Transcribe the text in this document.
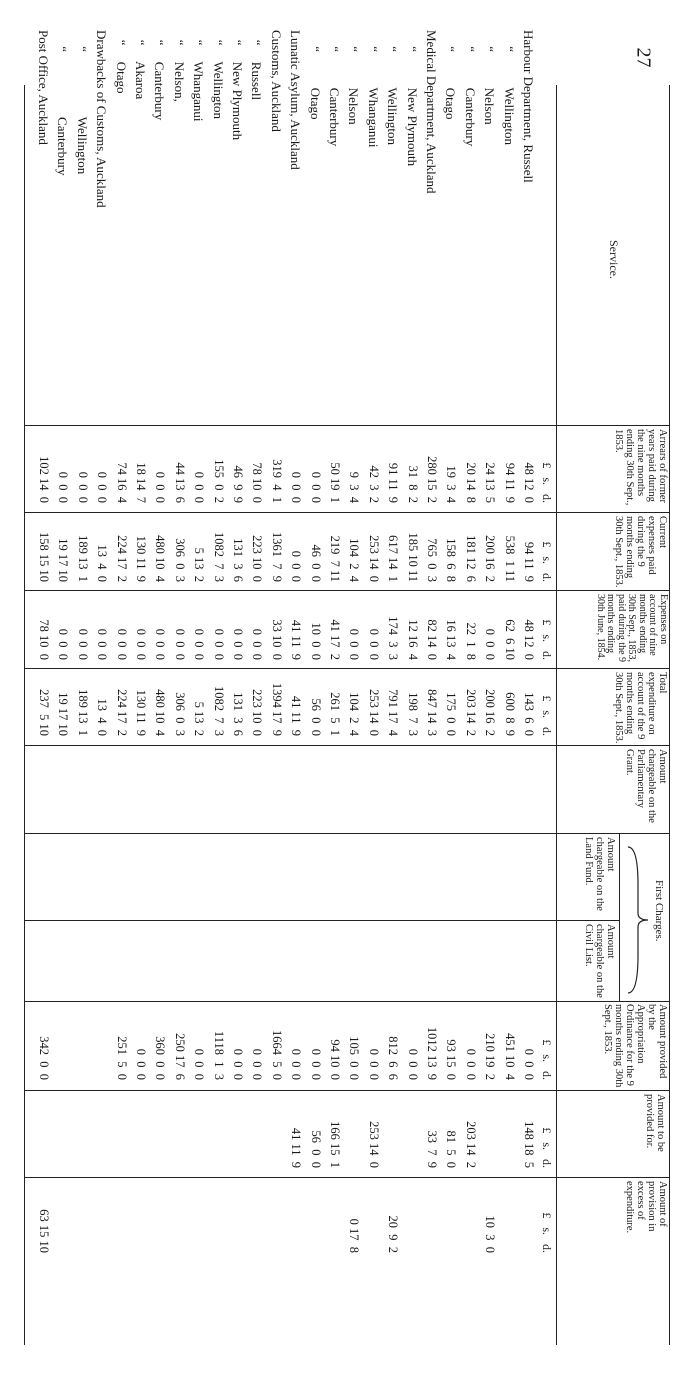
27
Service.
Arrears of former years paid during the nine months ending 30th Sept., 1853.
Current expenses paid during the 9 months ending 30th Sept., 1853.
Expenses on account of nine months ending 30th Sept., 1853, paid during the 9 months ending 30th June, 1854.
Total expenditure on account of the 9 months ending 30th Sept., 1853.
Amount chargeable on the Parliamentary Grant.
First Charges.
Amount chargeable on the Land Fund.
Amount chargeable on the Civil List.
Amount provided by the Appropriation Ordinance for the 9 months ending 30th Sept., 1853.
Amount to be provided for.
Amount of provision in excess of expenditure.
£   s.   d.
£   s.   d.
£   s.   d.
£   s.   d.
£   s.   d.
£   s.   d.
£   s.   d.
Harbour Department, Russell
48 12  0
94 11  9
48 12  0
143  6  0
0  0  0
148 18  5
“           Wellington
94 11  9
538  1 11
62  6 10
600  8  9
451 10  4
“           Nelson
24 13  5
200 16  2
0  0  0
200 16  2
210 19  2
10  3  0
“           Canterbury
20 14  8
181 12  6
22  1  8
203 14  2
0  0  0
203 14  2
“           Otago
19  3  4
158  6  8
16 13  4
175  0  0
93 15  0
81  5  0
Medical Department, Auckland
280 15  2
765  0  3
82 14  0
847 14  3
1012 13  9
33  7  9
“           New Plymouth
31  8  2
185 10 11
12 16  4
198  7  3
0  0  0
“           Wellington
91 11  9
617 14  1
174  3  3
791 17  4
812  6  6
20  9  2
“           Whanganui
42  3  2
253 14  0
0  0  0
253 14  0
0  0  0
253 14  0
“           Nelson
9  3  4
104  2  4
0  0  0
104  2  4
105  0  0
0 17  8
“           Canterbury
50 19  1
219  7 11
41 17  2
261  5  1
94 10  0
166 15  1
“           Otago
0  0  0
46  0  0
10  0  0
56  0  0
0  0  0
56  0  0
Lunatic Asylum, Auckland
0  0  0
0  0  0
41 11  9
41 11  9
0  0  0
41 11  9
Customs, Auckland
319  4  1
1361  7  9
33 10  0
1394 17  9
1664  5  0
“     Russell
78 10  0
223 10  0
0  0  0
223 10  0
0  0  0
“     New Plymouth
46  9  9
131  3  6
0  0  0
131  3  6
0  0  0
“     Wellington
155  0  2
1082  7  3
0  0  0
1082  7  3
1118  1  3
“     Whanganui
0  0  0
5 13  2
0  0  0
5 13  2
0  0  0
“     Nelson,
44 13  6
306  0  3
0  0  0
306  0  3
250 17  6
“     Canterbury
0  0  0
480 10  4
0  0  0
480 10  4
360  0  0
“     Akaroa
18 14  7
130 11  9
0  0  0
130 11  9
0  0  0
“     Otago
74 16  4
224 17  2
0  0  0
224 17  2
251  5  0
Drawbacks of Customs, Auckland
0  0  0
13  4  0
0  0  0
13  4  0
“                    Wellington
0  0  0
189 13  1
0  0  0
189 13  1
“                    Canterbury
0  0  0
19 17 10
0  0  0
19 17 10
Post Office, Auckland
102 14  0
158 15 10
78 10  0
237  5 10
342  0  0
63 15 10
